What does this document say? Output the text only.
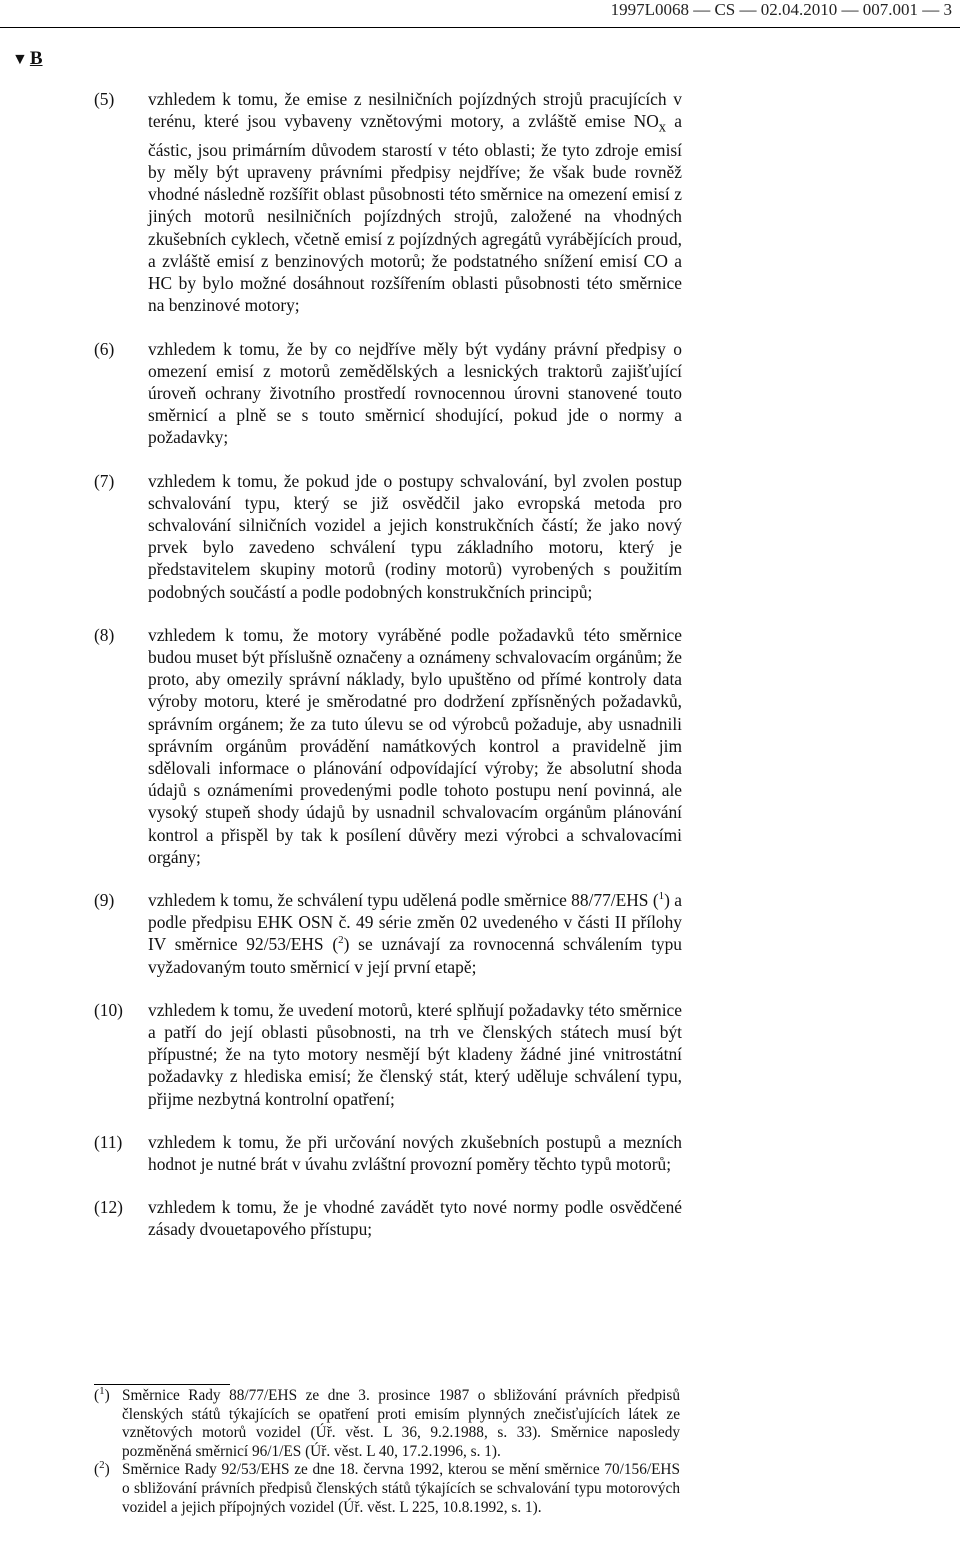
1997L0068 — CS — 02.04.2010 — 007.001 — 3
▼ B
(5)	vzhledem k tomu, že emise z nesilničních pojízdných strojů pracujících v terénu, které jsou vybaveny vznětovými motory, a zvláště emise $NO_x$ a částic, jsou primárním důvodem starostí v této oblasti; že tyto zdroje emisí by měly být upraveny právními předpisy nejdříve; že však bude rovněž vhodné následně rozšířit oblast působnosti této směrnice na omezení emisí z jiných motorů nesilničních pojízdných strojů, založené na vhodných zkušebních cyklech, včetně emisí z pojízdných agregátů vyrábějících proud, a zvláště emisí z benzinových motorů; že podstatného snížení emisí CO a HC by bylo možné dosáhnout rozšířením oblasti působnosti této směrnice na benzinové motory;
(6)	vzhledem k tomu, že by co nejdříve měly být vydány právní předpisy o omezení emisí z motorů zemědělských a lesnických traktorů zajišťující úroveň ochrany životního prostředí rovnocennou úrovni stanovené touto směrnicí a plně se s touto směrnicí shodující, pokud jde o normy a požadavky;
(7)	vzhledem k tomu, že pokud jde o postupy schvalování, byl zvolen postup schvalování typu, který se již osvědčil jako evropská metoda pro schvalování silničních vozidel a jejich konstrukčních částí; že jako nový prvek bylo zavedeno schválení typu základního motoru, který je představitelem skupiny motorů (rodiny motorů) vyrobených s použitím podobných součástí a podle podobných konstrukčních principů;
(8)	vzhledem k tomu, že motory vyráběné podle požadavků této směrnice budou muset být příslušně označeny a oznámeny schvalovacím orgánům; že proto, aby omezily správní náklady, bylo upuštěno od přímé kontroly data výroby motoru, které je směrodatné pro dodržení zpřísněných požadavků, správním orgánem; že za tuto úlevu se od výrobců požaduje, aby usnadnili správním orgánům provádění namátkových kontrol a pravidelně jim sdělovali informace o plánování odpovídající výroby; že absolutní shoda údajů s oznámeními provedenými podle tohoto postupu není povinná, ale vysoký stupeň shody údajů by usnadnil schvalovacím orgánům plánování kontrol a přispěl by tak k posílení důvěry mezi výrobci a schvalovacími orgány;
(9)	vzhledem k tomu, že schválení typu udělená podle směrnice 88/77/EHS ($^1$) a podle předpisu EHK OSN č. 49 série změn 02 uvedeného v části II přílohy IV směrnice 92/53/EHS ($^2$) se uznávají za rovnocenná schválením typu vyžadovaným touto směrnicí v její první etapě;
(10)	vzhledem k tomu, že uvedení motorů, které splňují požadavky této směrnice a patří do její oblasti působnosti, na trh ve členských státech musí být přípustné; že na tyto motory nesmějí být kladeny žádné jiné vnitrostátní požadavky z hlediska emisí; že členský stát, který uděluje schválení typu, přijme nezbytná kontrolní opatření;
(11)	vzhledem k tomu, že při určování nových zkušebních postupů a mezních hodnot je nutné brát v úvahu zvláštní provozní poměry těchto typů motorů;
(12)	vzhledem k tomu, že je vhodné zavádět tyto nové normy podle osvědčené zásady dvouetapového přístupu;
($^1$) Směrnice Rady 88/77/EHS ze dne 3. prosince 1987 o sbližování právních předpisů členských států týkajících se opatření proti emisím plynných znečisťujících látek ze vznětových motorů vozidel (Úř. věst. L 36, 9.2.1988, s. 33). Směrnice naposledy pozměněná směrnicí 96/1/ES (Úř. věst. L 40, 17.2.1996, s. 1).
($^2$) Směrnice Rady 92/53/EHS ze dne 18. června 1992, kterou se mění směrnice 70/156/EHS o sbližování právních předpisů členských států týkajících se schvalování typu motorových vozidel a jejich přípojných vozidel (Úř. věst. L 225, 10.8.1992, s. 1).
